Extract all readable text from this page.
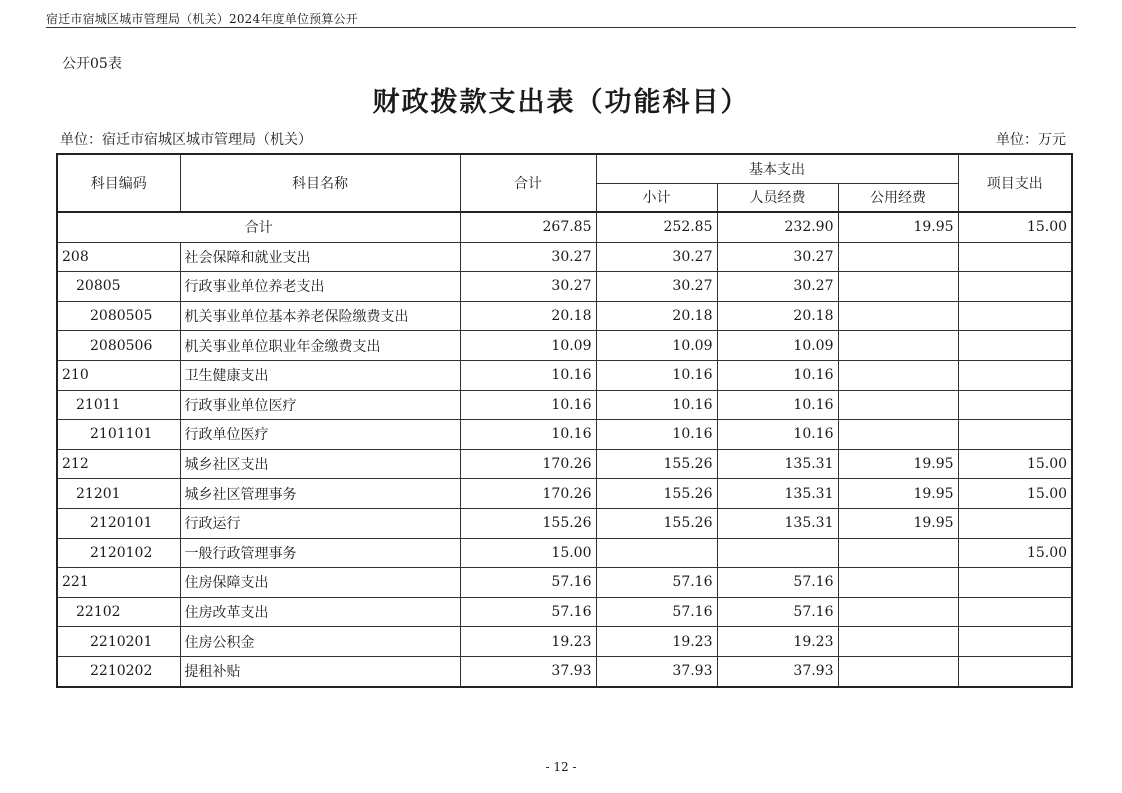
宿迁市宿城区城市管理局（机关）2024年度单位预算公开
公开05表
财政拨款支出表（功能科目）
单位：宿迁市宿城区城市管理局（机关）	单位：万元
科目编码	科目名称	合计	基本支出			项目支出
			小计	人员经费	公用经费	
合计		267.85	252.85	232.90	19.95	15.00
208	社会保障和就业支出	30.27	30.27	30.27		
20805	行政事业单位养老支出	30.27	30.27	30.27		
2080505	机关事业单位基本养老保险缴费支出	20.18	20.18	20.18		
2080506	机关事业单位职业年金缴费支出	10.09	10.09	10.09		
210	卫生健康支出	10.16	10.16	10.16		
21011	行政事业单位医疗	10.16	10.16	10.16		
2101101	行政单位医疗	10.16	10.16	10.16		
212	城乡社区支出	170.26	155.26	135.31	19.95	15.00
21201	城乡社区管理事务	170.26	155.26	135.31	19.95	15.00
2120101	行政运行	155.26	155.26	135.31	19.95	
2120102	一般行政管理事务	15.00				15.00
221	住房保障支出	57.16	57.16	57.16		
22102	住房改革支出	57.16	57.16	57.16		
2210201	住房公积金	19.23	19.23	19.23		
2210202	提租补贴	37.93	37.93	37.93		
- 12 -
